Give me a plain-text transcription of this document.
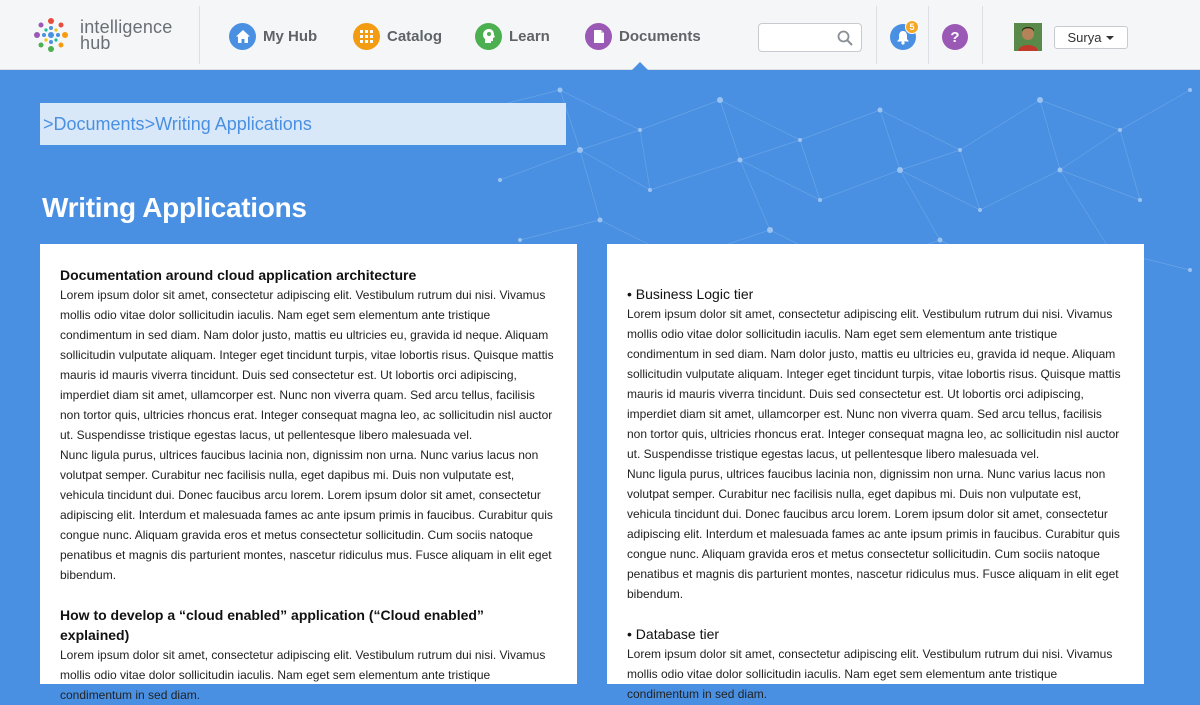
intelligence
hub	My Hub	Catalog	Learn	Documents
5
?	Surya
> Documents > Writing Applications
Writing Applications
Documentation around cloud application architecture

Lorem ipsum dolor sit amet, consectetur adipiscing elit. Vestibulum rutrum dui nisi. Vivamus mollis odio vitae dolor sollicitudin iaculis. Nam eget sem elementum ante tristique condimentum in sed diam. Nam dolor justo, mattis eu ultricies eu, gravida id neque. Aliquam sollicitudin vulputate aliquam. Integer eget tincidunt turpis, vitae lobortis risus. Quisque mattis mauris id mauris viverra tincidunt. Duis sed consectetur est. Ut lobortis orci adipiscing, imperdiet diam sit amet, ullamcorper est. Nunc non viverra quam. Sed arcu tellus, facilisis non tortor quis, ultricies rhoncus erat. Integer consequat magna leo, ac sollicitudin nisl auctor ut. Suspendisse tristique egestas lacus, ut pellentesque libero malesuada vel.

Nunc ligula purus, ultrices faucibus lacinia non, dignissim non urna. Nunc varius lacus non volutpat semper. Curabitur nec facilisis nulla, eget dapibus mi. Duis non vulputate est, vehicula tincidunt dui. Donec faucibus arcu lorem. Lorem ipsum dolor sit amet, consectetur adipiscing elit. Interdum et malesuada fames ac ante ipsum primis in faucibus. Curabitur quis congue nunc. Aliquam gravida eros et metus consectetur sollicitudin. Cum sociis natoque penatibus et magnis dis parturient montes, nascetur ridiculus mus. Fusce aliquam in elit eget bibendum.

How to develop a “cloud enabled” application (“Cloud enabled” explained)

Lorem ipsum dolor sit amet, consectetur adipiscing elit. Vestibulum rutrum dui nisi. Vivamus mollis odio vitae dolor sollicitudin iaculis. Nam eget sem elementum ante tristique condimentum in sed diam.

• Business Logic tier

Lorem ipsum dolor sit amet, consectetur adipiscing elit. Vestibulum rutrum dui nisi. Vivamus mollis odio vitae dolor sollicitudin iaculis. Nam eget sem elementum ante tristique condimentum in sed diam. Nam dolor justo, mattis eu ultricies eu, gravida id neque. Aliquam sollicitudin vulputate aliquam. Integer eget tincidunt turpis, vitae lobortis risus. Quisque mattis mauris id mauris viverra tincidunt. Duis sed consectetur est. Ut lobortis orci adipiscing, imperdiet diam sit amet, ullamcorper est. Nunc non viverra quam. Sed arcu tellus, facilisis non tortor quis, ultricies rhoncus erat. Integer consequat magna leo, ac sollicitudin nisl auctor ut. Suspendisse tristique egestas lacus, ut pellentesque libero malesuada vel.

Nunc ligula purus, ultrices faucibus lacinia non, dignissim non urna. Nunc varius lacus non volutpat semper. Curabitur nec facilisis nulla, eget dapibus mi. Duis non vulputate est, vehicula tincidunt dui. Donec faucibus arcu lorem. Lorem ipsum dolor sit amet, consectetur adipiscing elit. Interdum et malesuada fames ac ante ipsum primis in faucibus. Curabitur quis congue nunc. Aliquam gravida eros et metus consectetur sollicitudin. Cum sociis natoque penatibus et magnis dis parturient montes, nascetur ridiculus mus. Fusce aliquam in elit eget bibendum.

• Database tier

Lorem ipsum dolor sit amet, consectetur adipiscing elit. Vestibulum rutrum dui nisi. Vivamus mollis odio vitae dolor sollicitudin iaculis. Nam eget sem elementum ante tristique condimentum in sed diam.
